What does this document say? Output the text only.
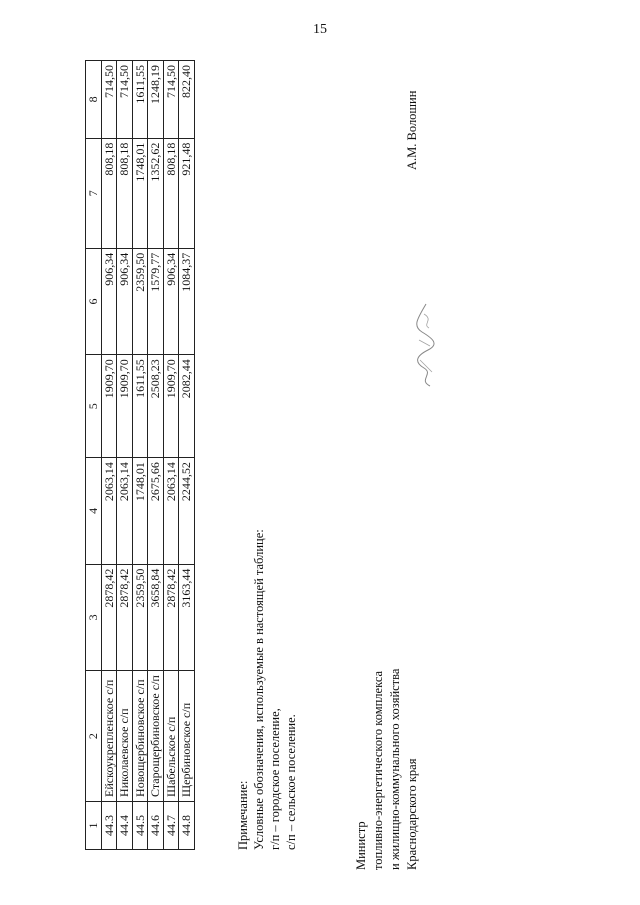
15
1	2	3	4	5	6	7	8
44.3	Ейскоукрепленское с/п	2878,42	2063,14	1909,70	906,34	808,18	714,50
44.4	Николаевское с/п	2878,42	2063,14	1909,70	906,34	808,18	714,50
44.5	Новощербиновское с/п	2359,50	1748,01	1611,55	2359,50	1748,01	1611,55
44.6	Старощербиновское с/п	3658,84	2675,66	2508,23	1579,77	1352,62	1248,19
44.7	Шабельское с/п	2878,42	2063,14	1909,70	906,34	808,18	714,50
44.8	Щербиновское с/п	3163,44	2244,52	2082,44	1084,37	921,48	822,40
Примечание: Условные обозначения, используемые в настоящей таблице: г/п – городское поселение, с/п – сельское поселение.	Министр топливно-энергетического комплекса и жилищно-коммунального хозяйства Краснодарского края
А.М. Волошин
